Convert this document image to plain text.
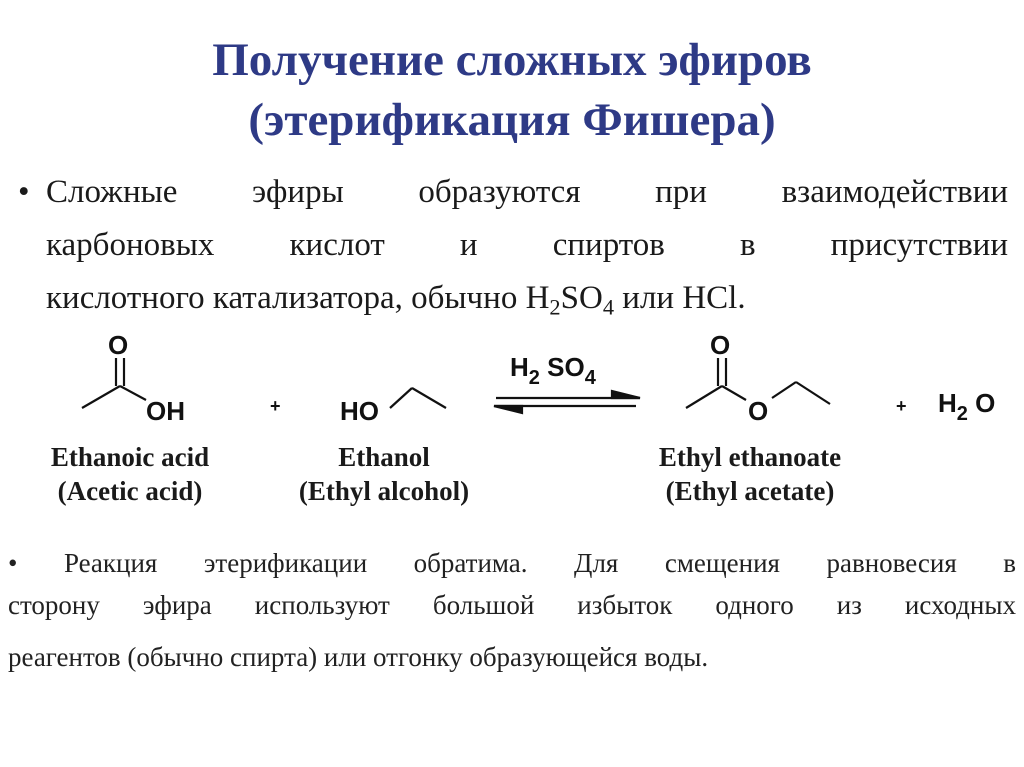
Получение сложных эфиров
(этерификация Фишера)
• Сложные эфиры образуются при взаимодействии
карбоновых кислот и спиртов в присутствии
кислотного катализатора, обычно $H_2SO_4$ или HCl.
O
OH	+ HO
$H_2$ $SO_4$
O
O	+ $H_2$ O
Ethanoic acid
(Acetic acid)
Ethanol
(Ethyl alcohol)
Ethyl ethanoate
(Ethyl acetate)
• Реакция этерификации обратима. Для смещения равновесия в
сторону эфира используют большой избыток одного из исходных
реагентов (обычно спирта) или отгонку образующейся воды.
